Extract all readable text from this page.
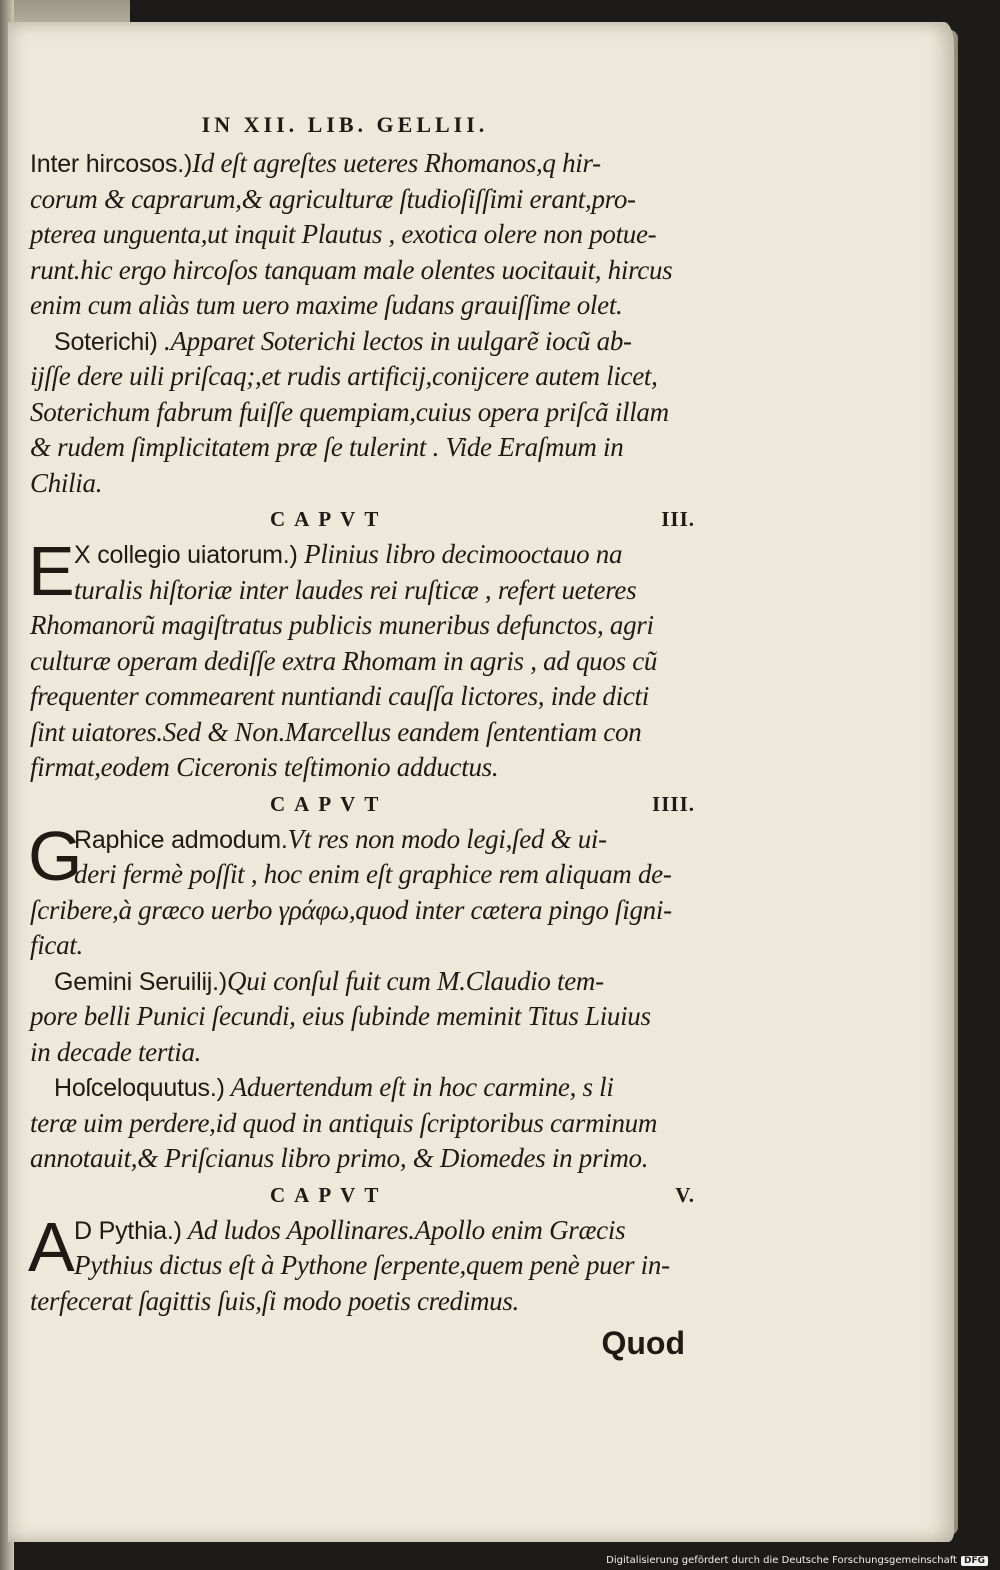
IN XII. LIB. GELLII.
Inter hircosos.)Id eſt agreſtes ueteres Rhomanos,q hir-
corum & caprarum,& agriculturæ ſtudioſiſſimi erant,pro-
pterea unguenta,ut inquit Plautus , exotica olere non potue-
runt.hic ergo hircoſos tanquam male olentes uocitauit, hircus
enim cum aliàs tum uero maxime ſudans grauiſſime olet.
Soterichi) .Apparet Soterichi lectos in uulgarẽ iocũ ab-
ijſſe dere uili priſcaq;,et rudis artificij,conijcere autem licet,
Soterichum fabrum fuiſſe quempiam,cuius opera priſcã illam
& rudem ſimplicitatem præ ſe tulerint . Vide Eraſmum in
Chilia.
CAPVT	III.
E X collegio uiatorum.) Plinius libro decimooctauo na
turalis hiſtoriæ inter laudes rei ruſticæ , refert ueteres
Rhomanorũ magiſtratus publicis muneribus defunctos, agri
culturæ operam dediſſe extra Rhomam in agris , ad quos cũ
frequenter commearent nuntiandi cauſſa lictores, inde dicti
ſint uiatores.Sed & Non.Marcellus eandem ſententiam con
firmat,eodem Ciceronis teſtimonio adductus.
CAPVT	IIII.
G
Raphice admodum.Vt res non modo legi,ſed & ui-
deri fermè poſſit , hoc enim eſt graphice rem aliquam de-
ſcribere,à græco uerbo γράφω,quod inter cætera pingo ſigni-
ficat.
Gemini Seruilij.)Qui conſul fuit cum M.Claudio tem-
pore belli Punici ſecundi, eius ſubinde meminit Titus Liuius
in decade tertia.
Hoſceloquutus.) Aduertendum eſt in hoc carmine, s li
teræ uim perdere,id quod in antiquis ſcriptoribus carminum
annotauit,& Priſcianus libro primo, & Diomedes in primo.
CAPVT	V.
A D Pythia.) Ad ludos Apollinares.Apollo enim Græcis
Pythius dictus eſt à Pythone ſerpente,quem penè puer in-
terfecerat ſagittis ſuis,ſi modo poetis credimus.
Quod
Digitalisierung gefördert durch die Deutsche Forschungsgemeinschaft DFG
